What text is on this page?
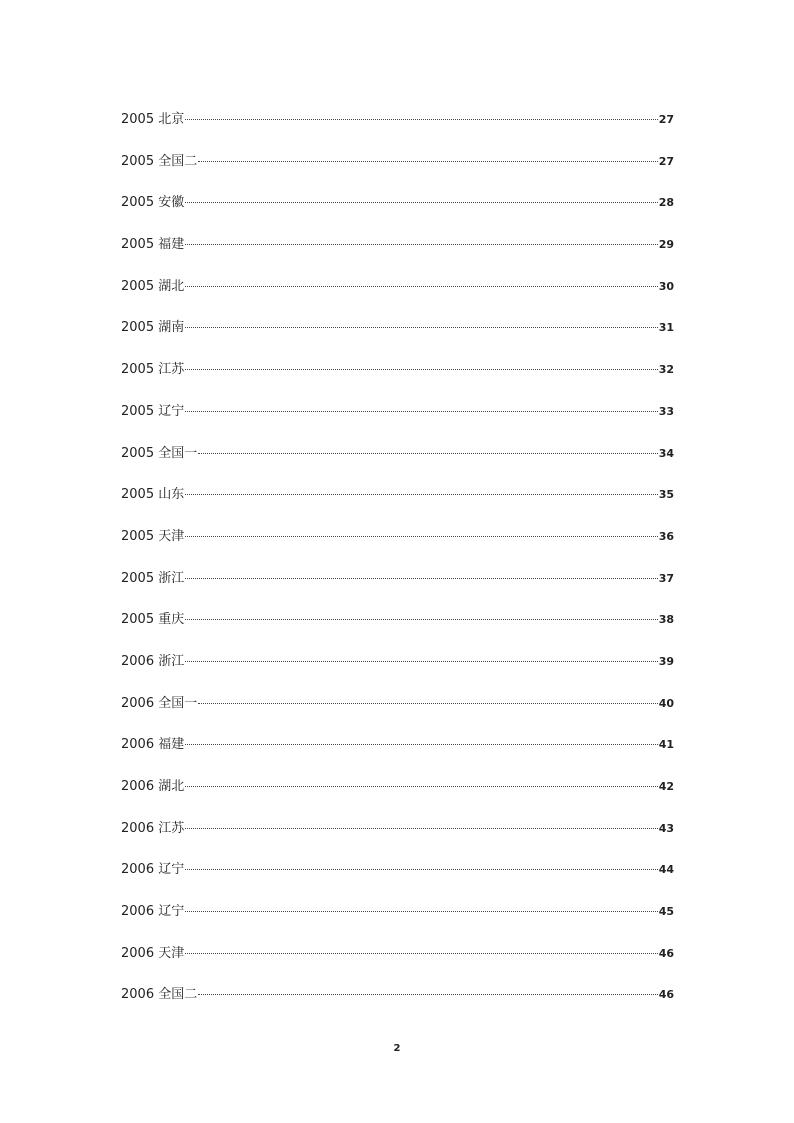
2005 北京	27
2005 全国二	27
2005 安徽	28
2005 福建	29
2005 湖北	30
2005 湖南	31
2005 江苏	32
2005 辽宁	33
2005 全国一	34
2005 山东	35
2005 天津	36
2005 浙江	37
2005 重庆	38
2006 浙江	39
2006 全国一	40
2006 福建	41
2006 湖北	42
2006 江苏	43
2006 辽宁	44
2006 辽宁	45
2006 天津	46
2006 全国二	46
2
